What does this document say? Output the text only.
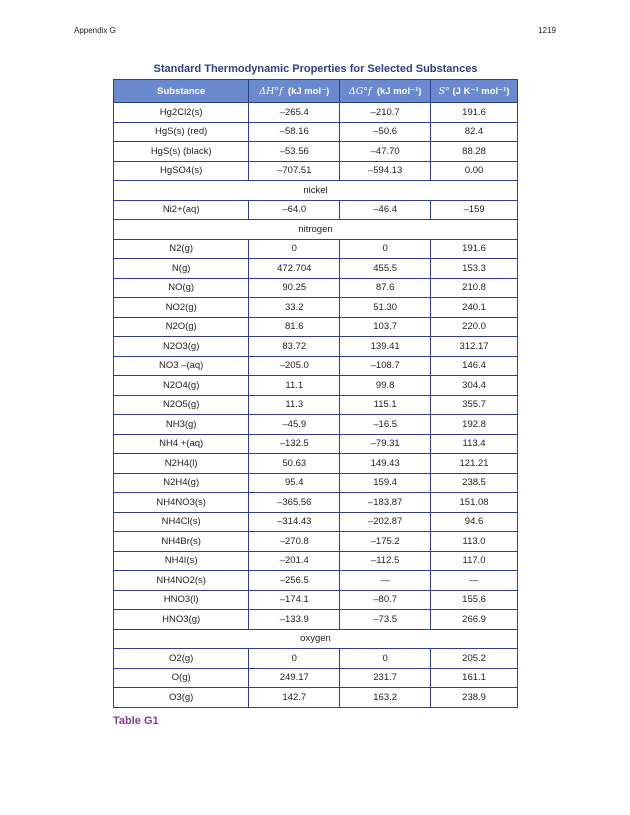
Appendix G	1219
Standard Thermodynamic Properties for Selected Substances
Substance	ΔH°f (kJ mol⁻)	ΔG°f (kJ mol⁻¹)	S° (J K⁻¹ mol⁻¹)
Hg2Cl2(s)	–265.4	–210.7	191.6
HgS(s) (red)	–58.16	–50.6	82.4
HgS(s) (black)	–53.56	–47.70	88.28
HgSO4(s)	–707.51	–594.13	0.00
nickel			
Ni2+(aq)	–64.0	–46.4	–159
nitrogen			
N2(g)	0	0	191.6
N(g)	472.704	455.5	153.3
NO(g)	90.25	87.6	210.8
NO2(g)	33.2	51.30	240.1
N2O(g)	81.6	103.7	220.0
N2O3(g)	83.72	139.41	312.17
NO3 –(aq)	–205.0	–108.7	146.4
N2O4(g)	11.1	99.8	304.4
N2O5(g)	11.3	115.1	355.7
NH3(g)	–45.9	–16.5	192.8
NH4 +(aq)	–132.5	–79.31	113.4
N2H4(l)	50.63	149.43	121.21
N2H4(g)	95.4	159.4	238.5
NH4NO3(s)	–365.56	–183.87	151.08
NH4Cl(s)	–314.43	–202.87	94.6
NH4Br(s)	–270.8	–175.2	113.0
NH4I(s)	–201.4	–112.5	117.0
NH4NO2(s)	–256.5	—	—
HNO3(l)	–174.1	–80.7	155.6
HNO3(g)	–133.9	–73.5	266.9
oxygen			
O2(g)	0	0	205.2
O(g)	249.17	231.7	161.1
O3(g)	142.7	163.2	238.9
Table G1
